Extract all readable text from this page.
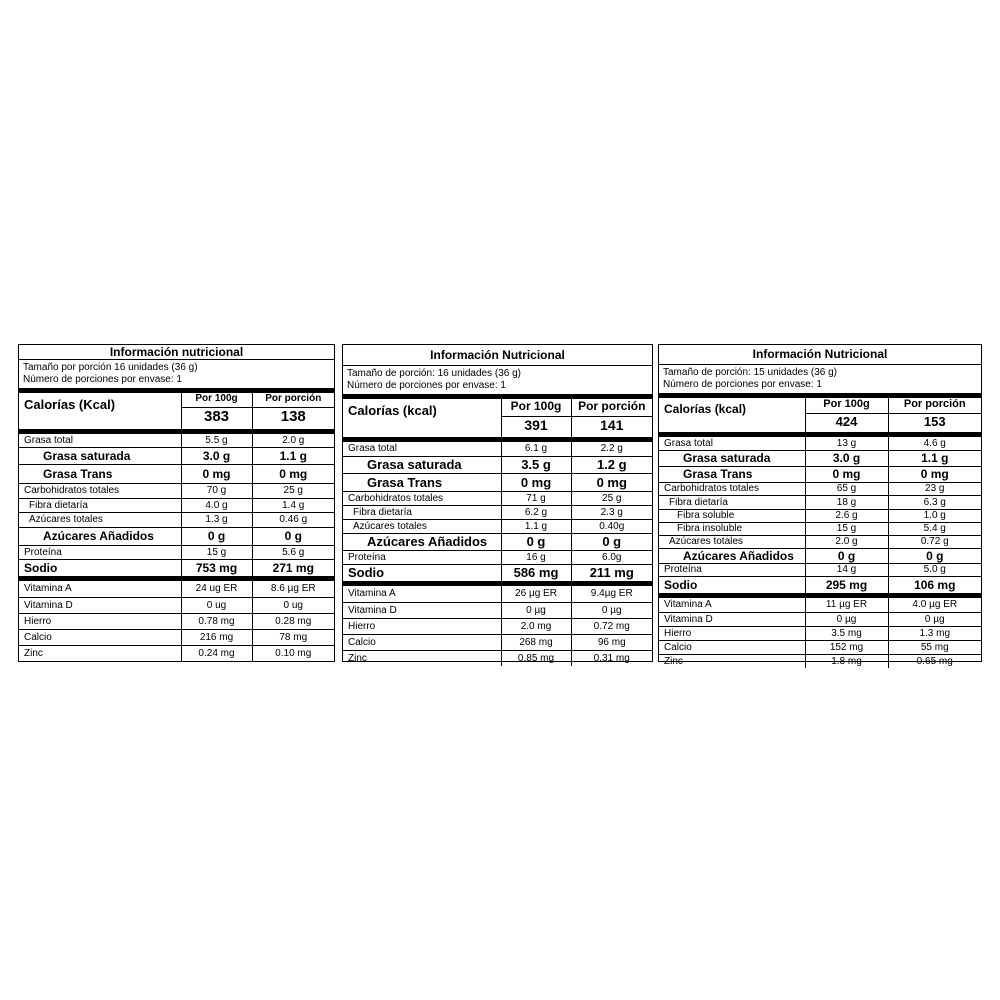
Información nutricional
Tamaño por porción 16 unidades (36 g)
Número de porciones por envase: 1
Calorías (Kcal)	Por 100g	Por porción
	383	138
Grasa total	5.5 g	2.0 g
Grasa saturada	3.0 g	1.1 g
Grasa Trans	0 mg	0 mg
Carbohidratos totales	70 g	25 g
Fibra dietaría	4.0 g	1.4 g
Azúcares totales	1.3 g	0.46 g
Azúcares Añadidos	0 g	0 g
Proteína	15 g	5.6 g
Sodio	753 mg	271 mg
Vitamina A	24 ug ER	8.6 µg ER
Vitamina D	0 ug	0 ug
Hierro	0.78 mg	0.28 mg
Calcio	216 mg	78 mg
Zinc	0.24 mg	0.10 mg
Información Nutricional
Tamaño de porción: 16 unidades (36 g)
Número de porciones por envase: 1
Calorías (kcal)	Por 100g	Por porción
	391	141
Grasa total	6.1 g	2.2 g
Grasa saturada	3.5 g	1.2 g
Grasa Trans	0 mg	0 mg
Carbohidratos totales	71 g	25 g
Fibra dietaría	6.2 g	2.3 g
Azúcares totales	1.1 g	0.40g
Azúcares Añadidos	0 g	0 g
Proteína	16 g	6.0g
Sodio	586 mg	211 mg
Vitamina A	26 µg ER	9.4µg ER
Vitamina D	0 µg	0 µg
Hierro	2.0 mg	0.72 mg
Calcio	268 mg	96 mg
Zinc	0.85 mg	0.31 mg
Información Nutricional
Tamaño de porción: 15 unidades (36 g)
Número de porciones por envase: 1
Calorías (kcal)	Por 100g	Por porción
	424	153
Grasa total	13 g	4.6 g
Grasa saturada	3.0 g	1.1 g
Grasa Trans	0 mg	0 mg
Carbohidratos totales	65 g	23 g
Fibra dietaría	18 g	6.3 g
Fibra soluble	2.6 g	1.0 g
Fibra insoluble	15 g	5.4 g
Azúcares totales	2.0 g	0.72 g
Azúcares Añadidos	0 g	0 g
Proteína	14 g	5.0 g
Sodio	295 mg	106 mg
Vitamina A	11 µg ER	4.0 µg ER
Vitamina D	0 µg	0 µg
Hierro	3.5 mg	1.3 mg
Calcio	152 mg	55 mg
Zinc	1.8 mg	0.65 mg
